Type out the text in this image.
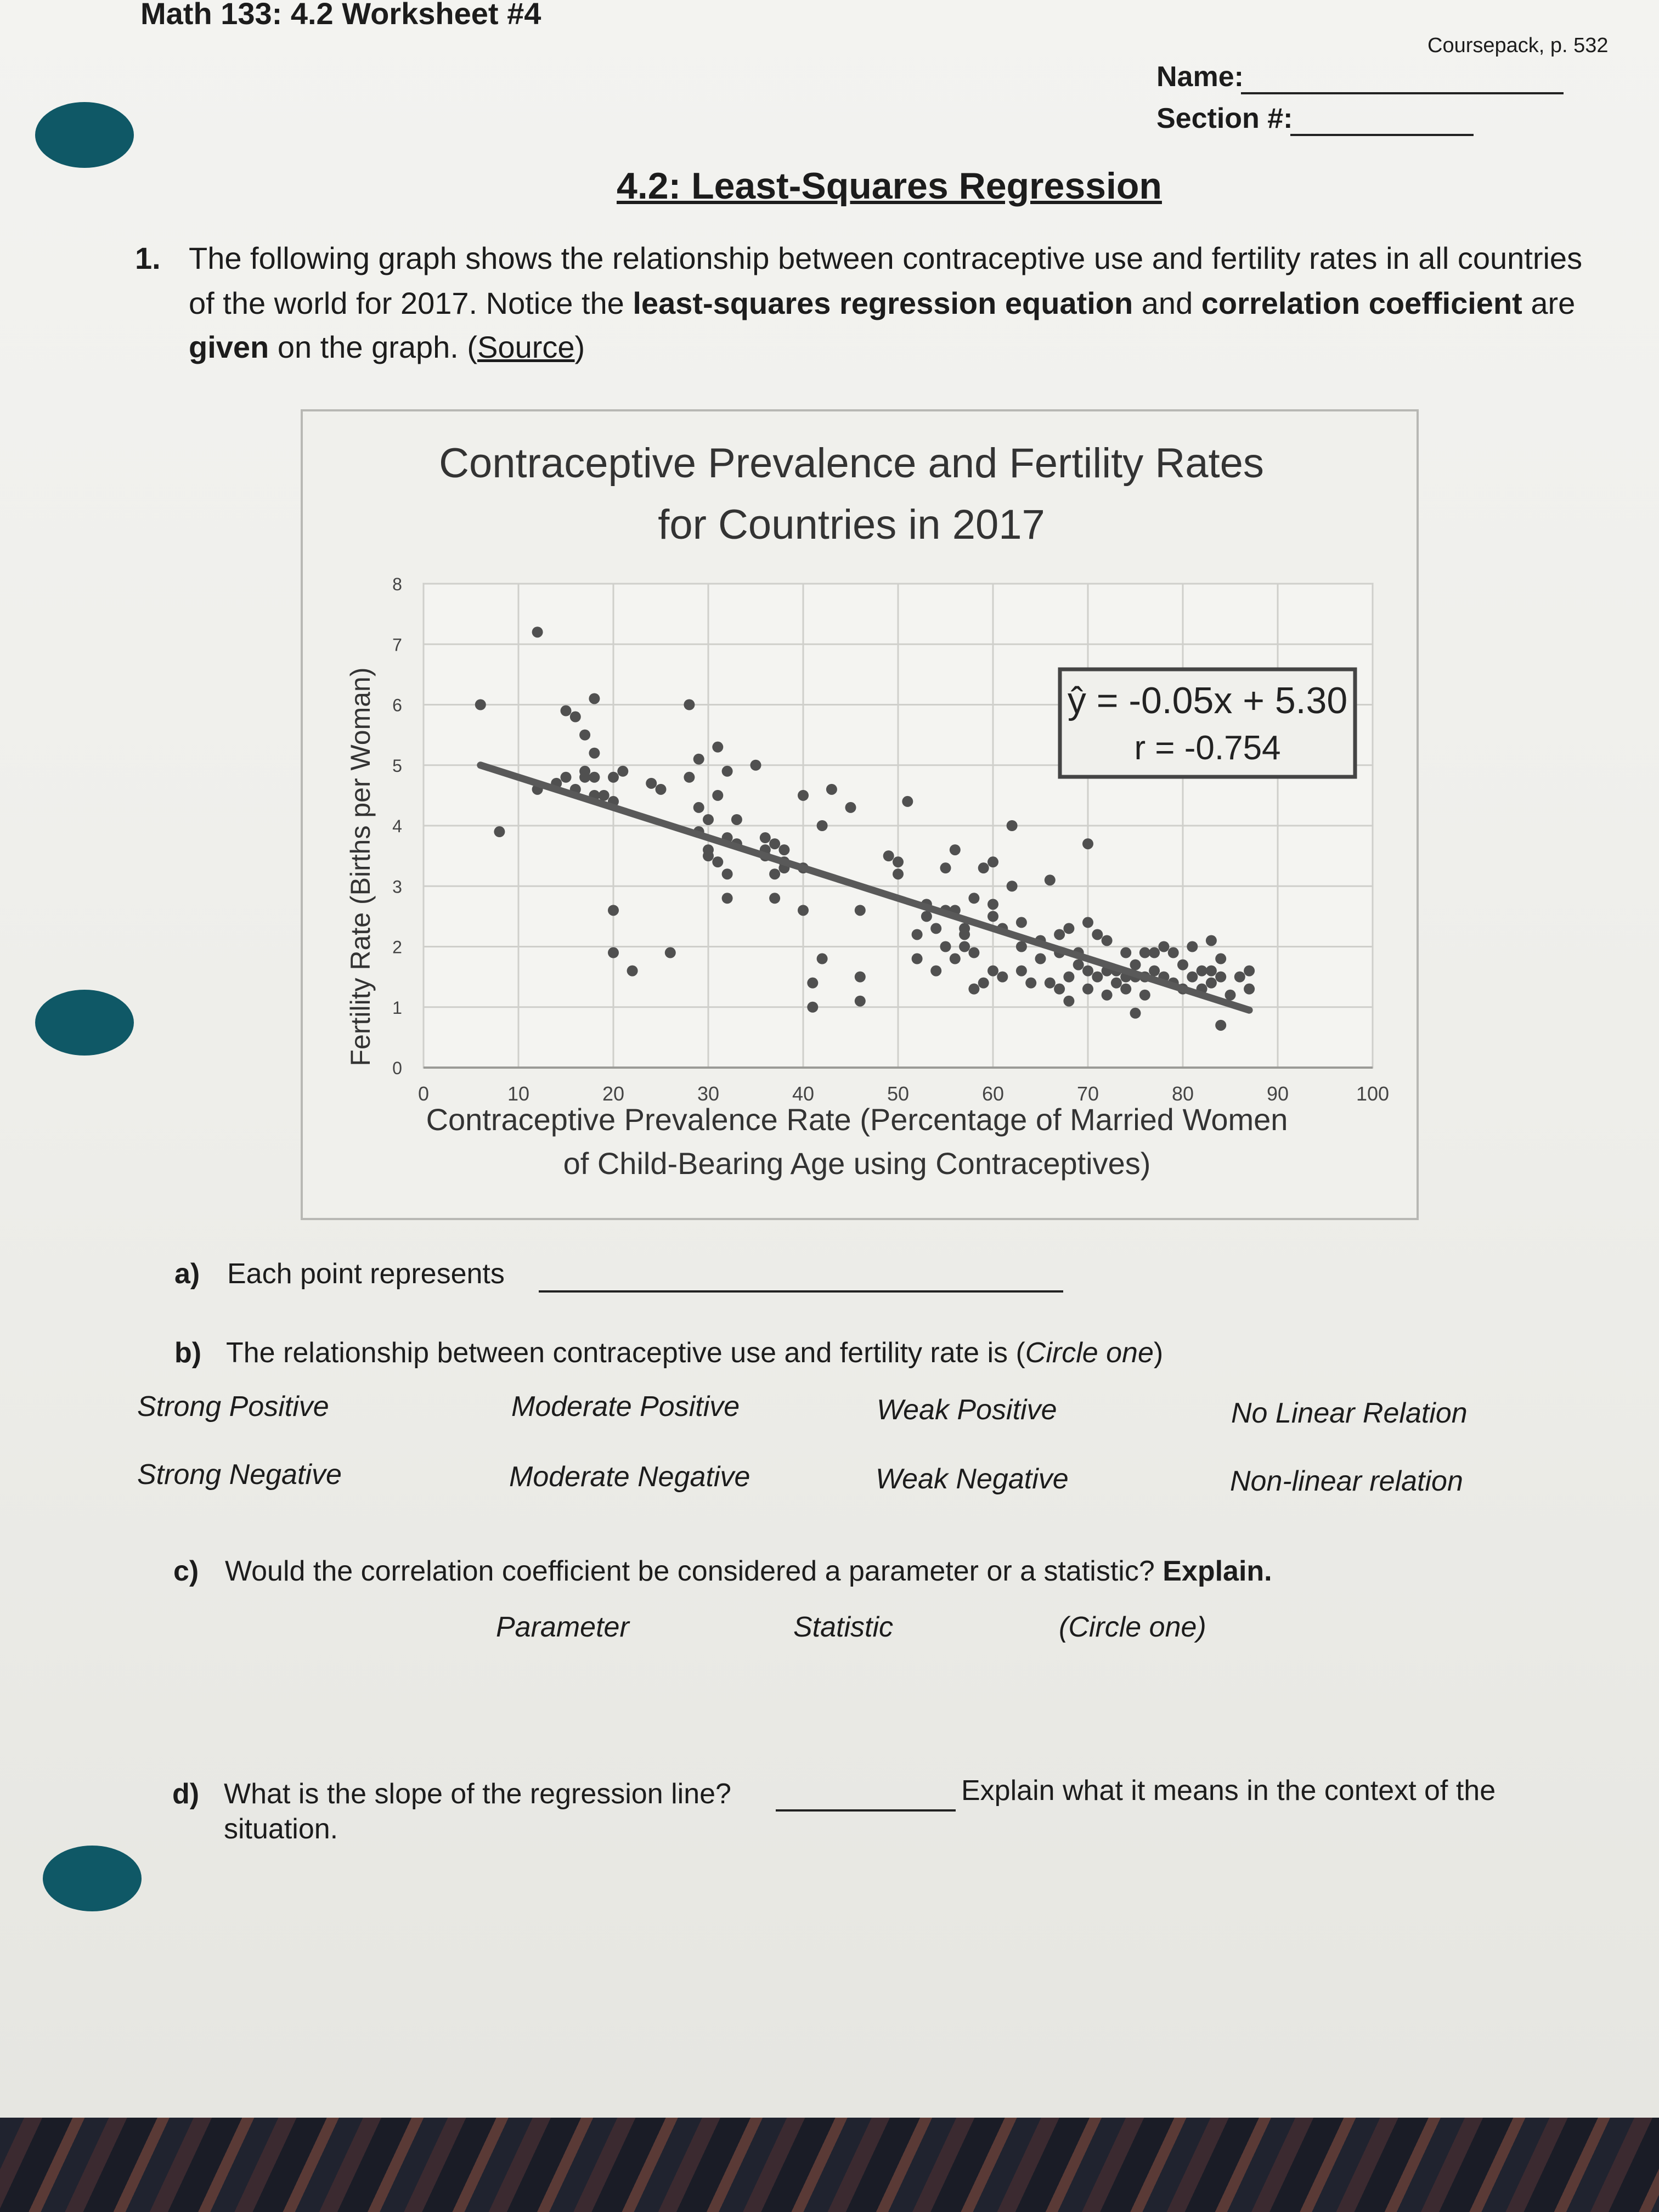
Math 133: 4.2 Worksheet #4
Coursepack, p. 532
Name:
Section #:
4.2: Least-Squares Regression
1. The following graph shows the relationship between contraceptive use and fertility rates in all countries
of the world for 2017. Notice the least-squares regression equation and correlation coefficient are
given on the graph. (Source)
Contraceptive Prevalence and Fertility Rates
for Countries in 2017
0	10	20	30	40	50	60	70	80	90	100
0
1
2
3
4
5
6
7
8
ŷ = -0.05x + 5.30
r = -0.754
Contraceptive Prevalence Rate (Percentage of Married Women
of Child-Bearing Age using Contraceptives)
Fertility Rate (Births per Woman)
a) Each point represents
b) The relationship between contraceptive use and fertility rate is (Circle one)
Strong Positive	Moderate Positive	Weak Positive	No Linear Relation
Strong Negative	Moderate Negative	Weak Negative	Non-linear relation
c) Would the correlation coefficient be considered a parameter or a statistic? Explain.
Parameter	Statistic	(Circle one)
d) What is the slope of the regression line?	Explain what it means in the context of the
situation.
